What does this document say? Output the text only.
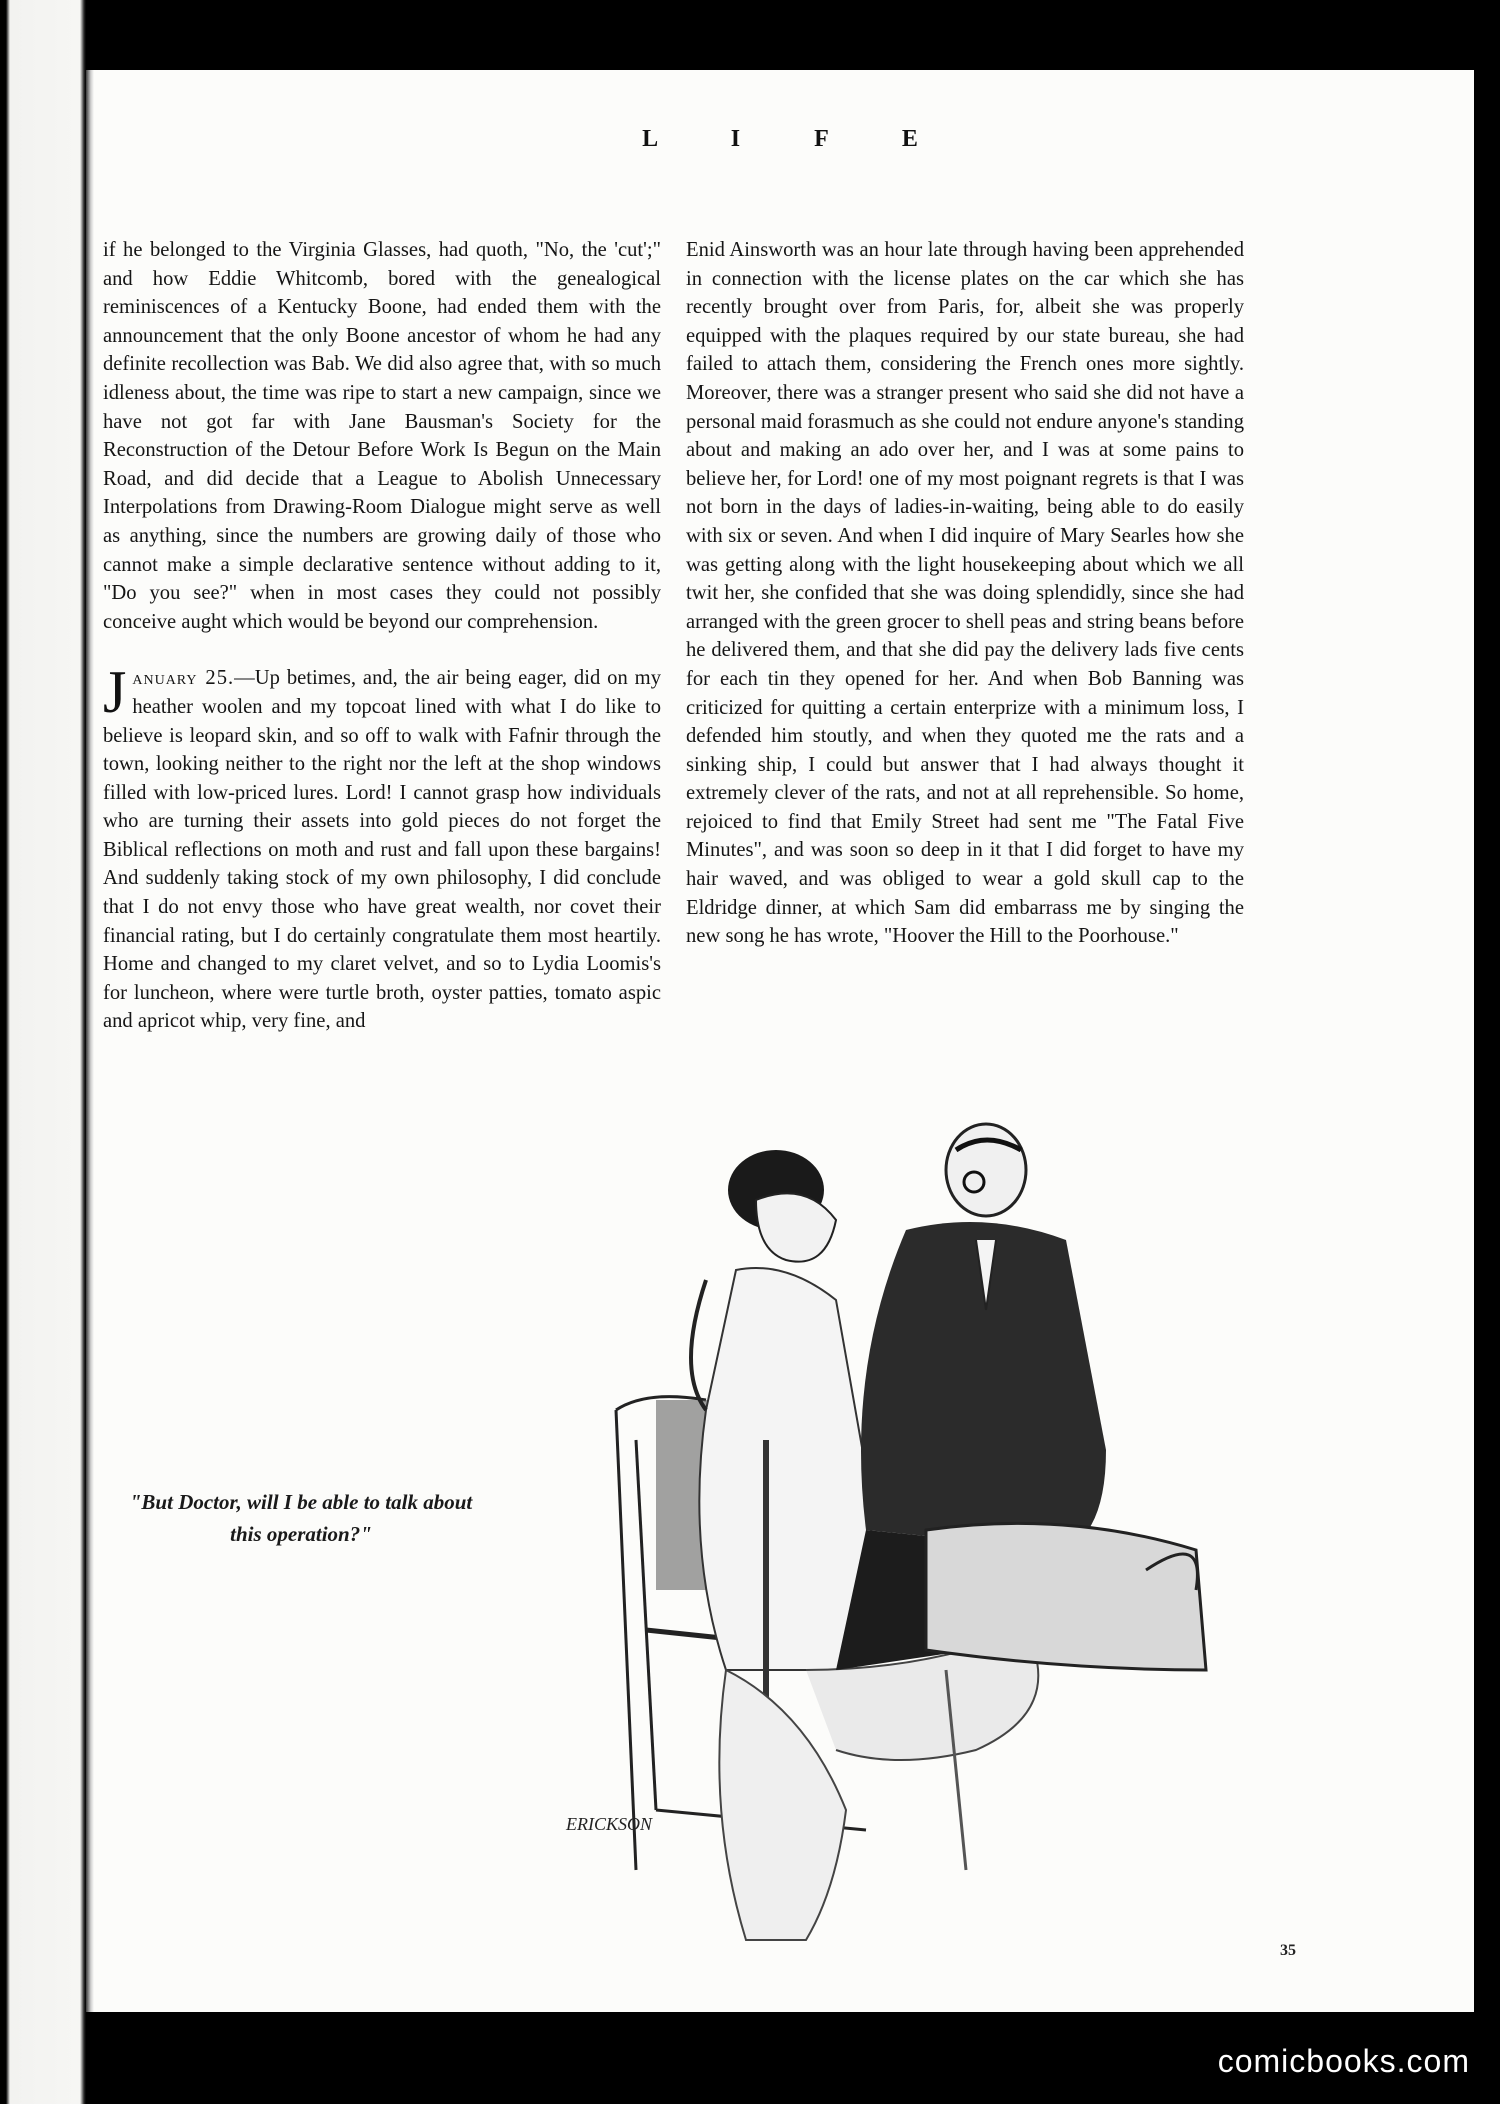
L I F E

if he belonged to the Virginia Glasses, had quoth, "No, the 'cut';" and how Eddie Whitcomb, bored with the genealogical reminiscences of a Kentucky Boone, had ended them with the announcement that the only Boone ancestor of whom he had any definite recollection was Bab. We did also agree that, with so much idleness about, the time was ripe to start a new campaign, since we have not got far with Jane Bausman's Society for the Reconstruction of the Detour Before Work Is Begun on the Main Road, and did decide that a League to Abolish Unnecessary Interpolations from Drawing-Room Dialogue might serve as well as anything, since the numbers are growing daily of those who cannot make a simple declarative sentence without adding to it, "Do you see?" when in most cases they could not possibly conceive aught which would be beyond our comprehension.

January 25.—Up betimes, and, the air being eager, did on my heather woolen and my topcoat lined with what I do like to believe is leopard skin, and so off to walk with Fafnir through the town, looking neither to the right nor the left at the shop windows filled with low-priced lures. Lord! I cannot grasp how individuals who are turning their assets into gold pieces do not forget the Biblical reflections on moth and rust and fall upon these bargains! And suddenly taking stock of my own philosophy, I did conclude that I do not envy those who have great wealth, nor covet their financial rating, but I do certainly congratulate them most heartily. Home and changed to my claret velvet, and so to Lydia Loomis's for luncheon, where were turtle broth, oyster patties, tomato aspic and apricot whip, very fine, and

Enid Ainsworth was an hour late through having been apprehended in connection with the license plates on the car which she has recently brought over from Paris, for, albeit she was properly equipped with the plaques required by our state bureau, she had failed to attach them, considering the French ones more sightly. Moreover, there was a stranger present who said she did not have a personal maid forasmuch as she could not endure anyone's standing about and making an ado over her, and I was at some pains to believe her, for Lord! one of my most poignant regrets is that I was not born in the days of ladies-in-waiting, being able to do easily with six or seven. And when I did inquire of Mary Searles how she was getting along with the light housekeeping about which we all twit her, she confided that she was doing splendidly, since she had arranged with the green grocer to shell peas and string beans before he delivered them, and that she did pay the delivery lads five cents for each tin they opened for her. And when Bob Banning was criticized for quitting a certain enterprize with a minimum loss, I defended him stoutly, and when they quoted me the rats and a sinking ship, I could but answer that I had always thought it extremely clever of the rats, and not at all reprehensible. So home, rejoiced to find that Emily Street had sent me "The Fatal Five Minutes", and was soon so deep in it that I did forget to have my hair waved, and was obliged to wear a gold skull cap to the Eldridge dinner, at which Sam did embarrass me by singing the new song he has wrote, "Hoover the Hill to the Poorhouse."

"But Doctor, will I be able to talk about this operation?"
ERICKSON
35
comicbooks.com
